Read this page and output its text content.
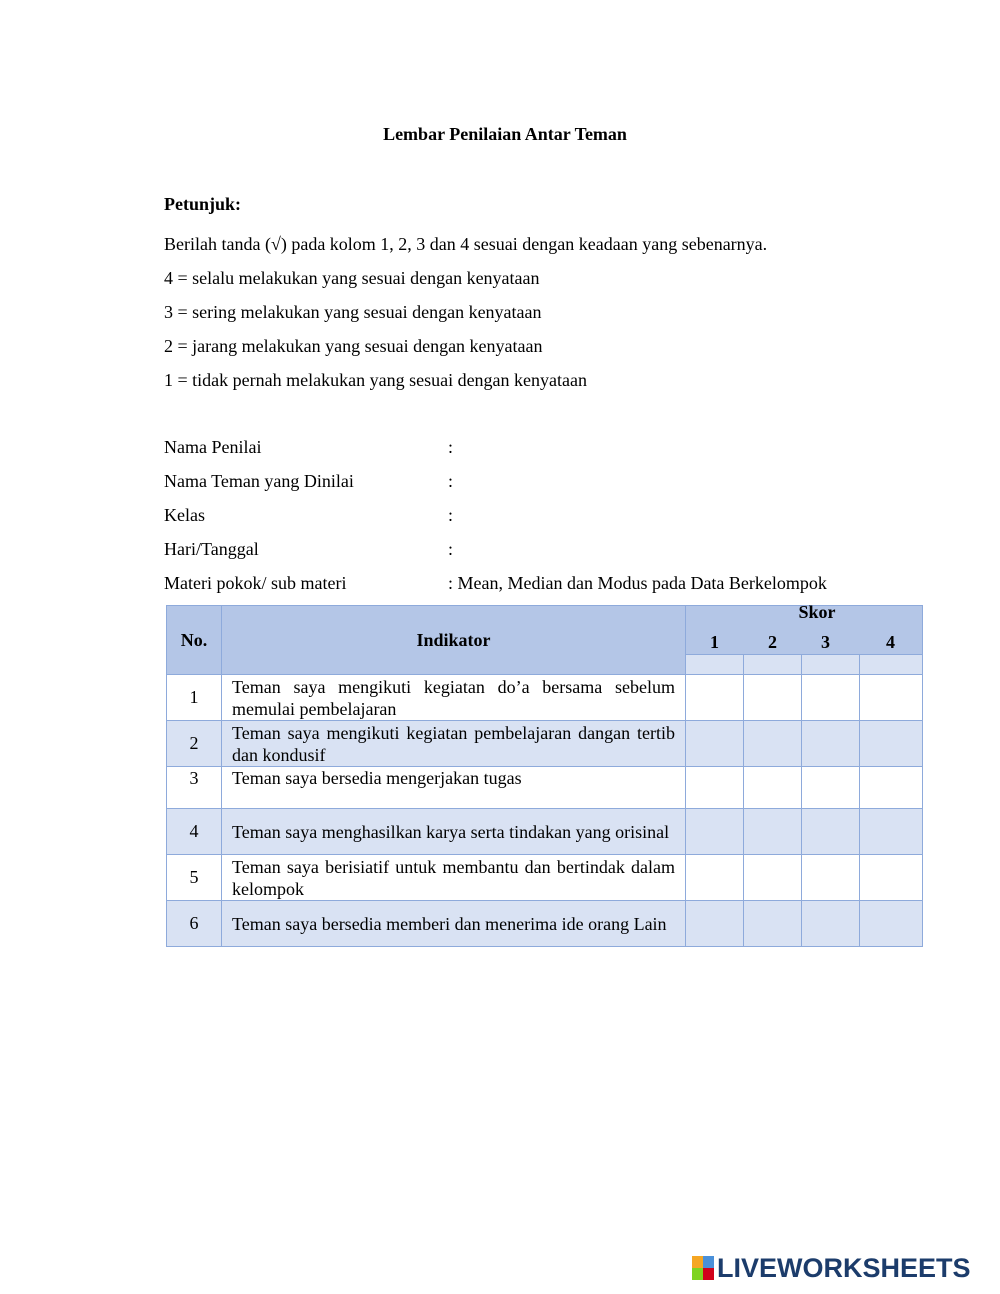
Lembar Penilaian Antar Teman
Petunjuk:
Berilah tanda (√) pada kolom 1, 2, 3 dan 4 sesuai dengan keadaan yang sebenarnya.
4 = selalu melakukan yang sesuai dengan kenyataan
3 = sering melakukan yang sesuai dengan kenyataan
2 = jarang melakukan yang sesuai dengan kenyataan
1 = tidak pernah melakukan yang sesuai dengan kenyataan
Nama Penilai	:
Nama Teman yang Dinilai	:
Kelas	:
Hari/Tanggal	:
Materi pokok/ sub materi	: Mean, Median dan Modus pada Data Berkelompok
No.	Indikator	Skor
1 2 3 4			

1	Teman saya mengikuti kegiatan do’a bersama sebelum memulai pembelajaran				
2	Teman saya mengikuti kegiatan pembelajaran dangan tertib dan kondusif				
3	Teman saya bersedia mengerjakan tugas				
4	Teman saya menghasilkan karya serta tindakan yang orisinal				
5	Teman saya berisiatif untuk membantu dan bertindak dalam kelompok				
6	Teman saya bersedia memberi dan menerima ide orang Lain				
LIVEWORKSHEETS
